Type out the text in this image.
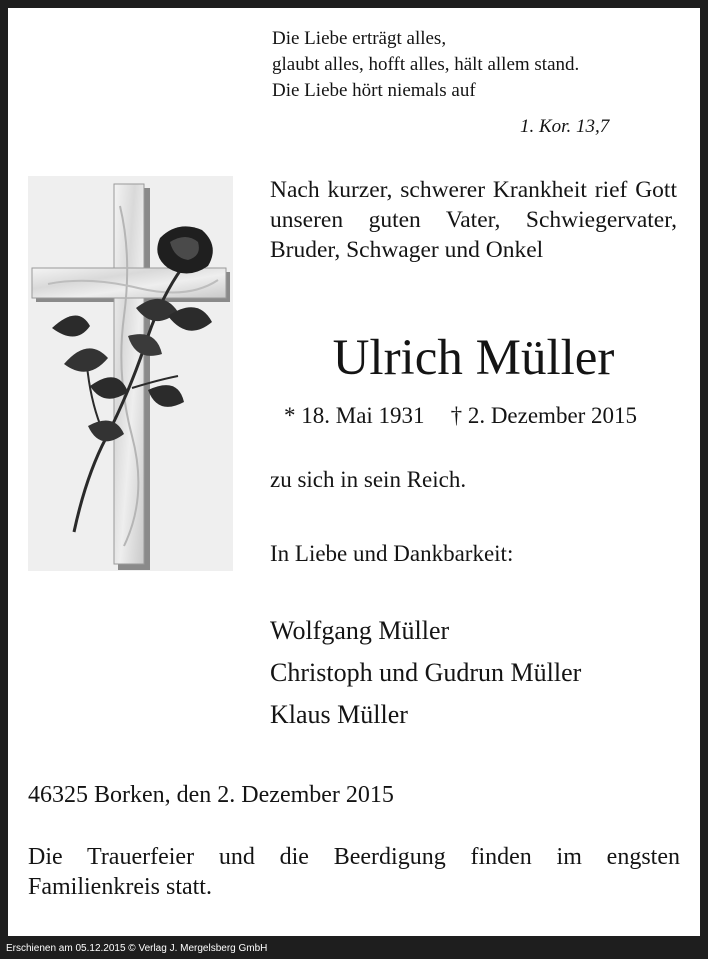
Die Liebe erträgt alles,
glaubt alles, hofft alles, hält allem stand.
Die Liebe hört niemals auf
1. Kor. 13,7
Nach kurzer, schwerer Krankheit rief Gott unseren guten Vater, Schwiegervater, Bruder, Schwager und Onkel
Ulrich Müller
* 18. Mai 1931 † 2. Dezember 2015
zu sich in sein Reich.
In Liebe und Dankbarkeit:
Wolfgang Müller
Christoph und Gudrun Müller
Klaus Müller
46325 Borken, den 2. Dezember 2015
Die Trauerfeier und die Beerdigung finden im engsten Familienkreis statt.
Erschienen am 05.12.2015 © Verlag J. Mergelsberg GmbH
